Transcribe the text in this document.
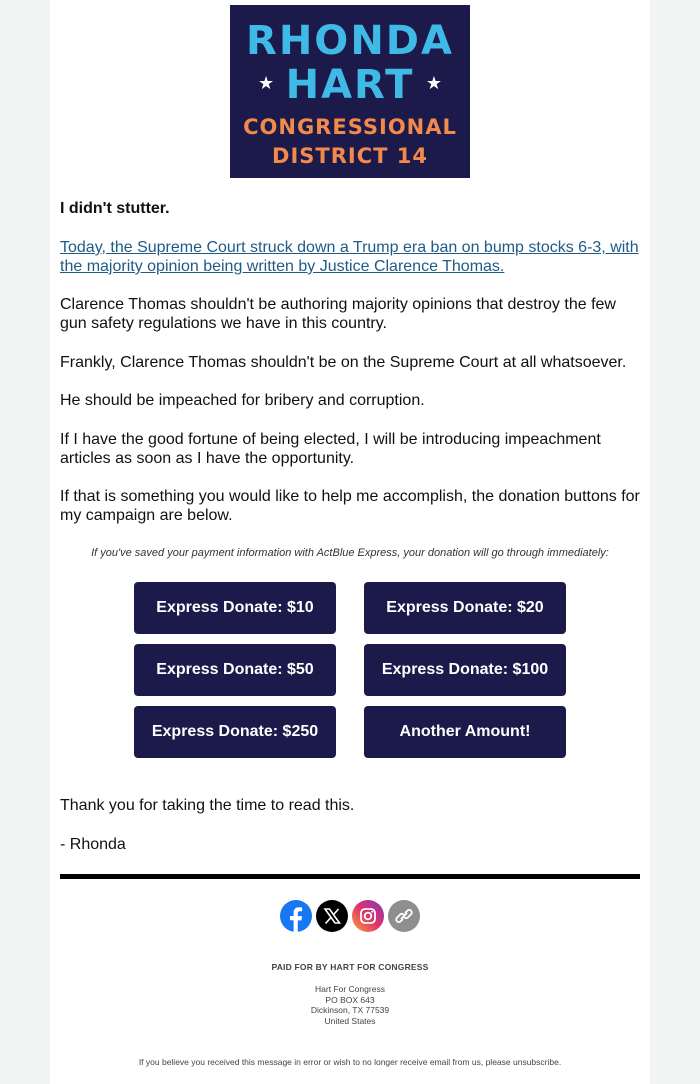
RHONDA
★ HART ★
CONGRESSIONAL
DISTRICT 14

I didn't stutter.

Today, the Supreme Court struck down a Trump era ban on bump stocks 6-3, with the majority opinion being written by Justice Clarence Thomas.

Clarence Thomas shouldn't be authoring majority opinions that destroy the few gun safety regulations we have in this country.

Frankly, Clarence Thomas shouldn't be on the Supreme Court at all whatsoever.

He should be impeached for bribery and corruption.

If I have the good fortune of being elected, I will be introducing impeachment articles as soon as I have the opportunity.

If that is something you would like to help me accomplish, the donation buttons for my campaign are below.

If you've saved your payment information with ActBlue Express, your donation will go through immediately:
Express Donate: $10	Express Donate: $20
Express Donate: $50	Express Donate: $100
Express Donate: $250	Another Amount!

Thank you for taking the time to read this.

- Rhonda

PAID FOR BY HART FOR CONGRESS
Hart For Congress
PO BOX 643
Dickinson, TX 77539
United States
If you believe you received this message in error or wish to no longer receive email from us, please unsubscribe.
